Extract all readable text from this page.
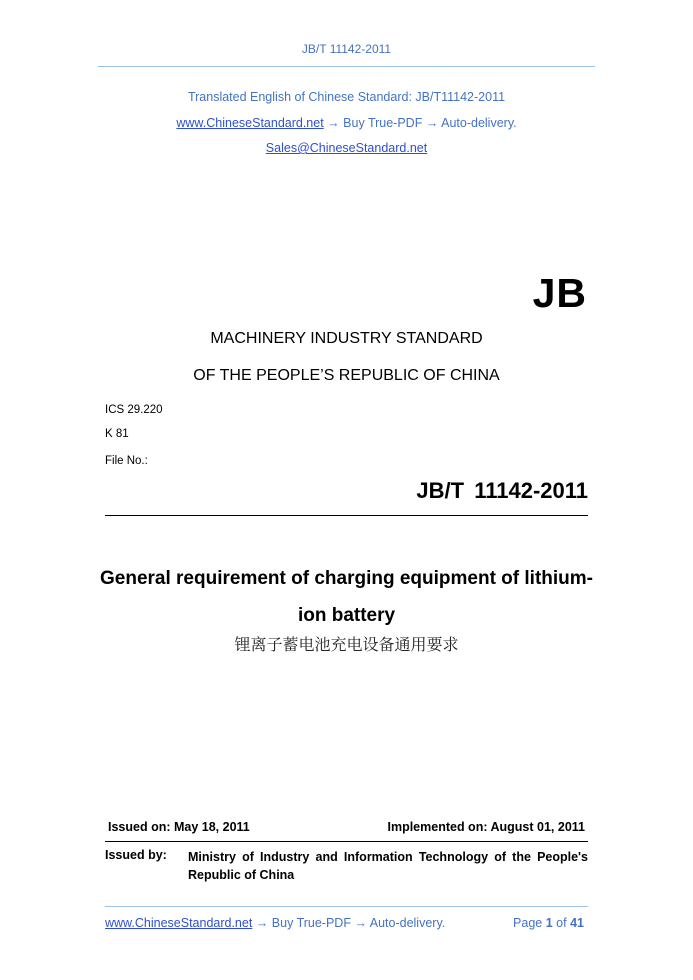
JB/T 11142-2011
Translated English of Chinese Standard: JB/T11142-2011
www.ChineseStandard.net → Buy True-PDF → Auto-delivery.
Sales@ChineseStandard.net
JB
MACHINERY INDUSTRY STANDARD
OF THE PEOPLE’S REPUBLIC OF CHINA
ICS 29.220
K 81
File No.:
JB/T 11142-2011
General requirement of charging equipment of lithium-ion battery
锂离子蓄电池充电设备通用要求
Issued on: May 18, 2011	Implemented on: August 01, 2011
Issued by: Ministry of Industry and Information Technology of the People's Republic of China
www.ChineseStandard.net → Buy True-PDF → Auto-delivery.	Page 1 of 41
